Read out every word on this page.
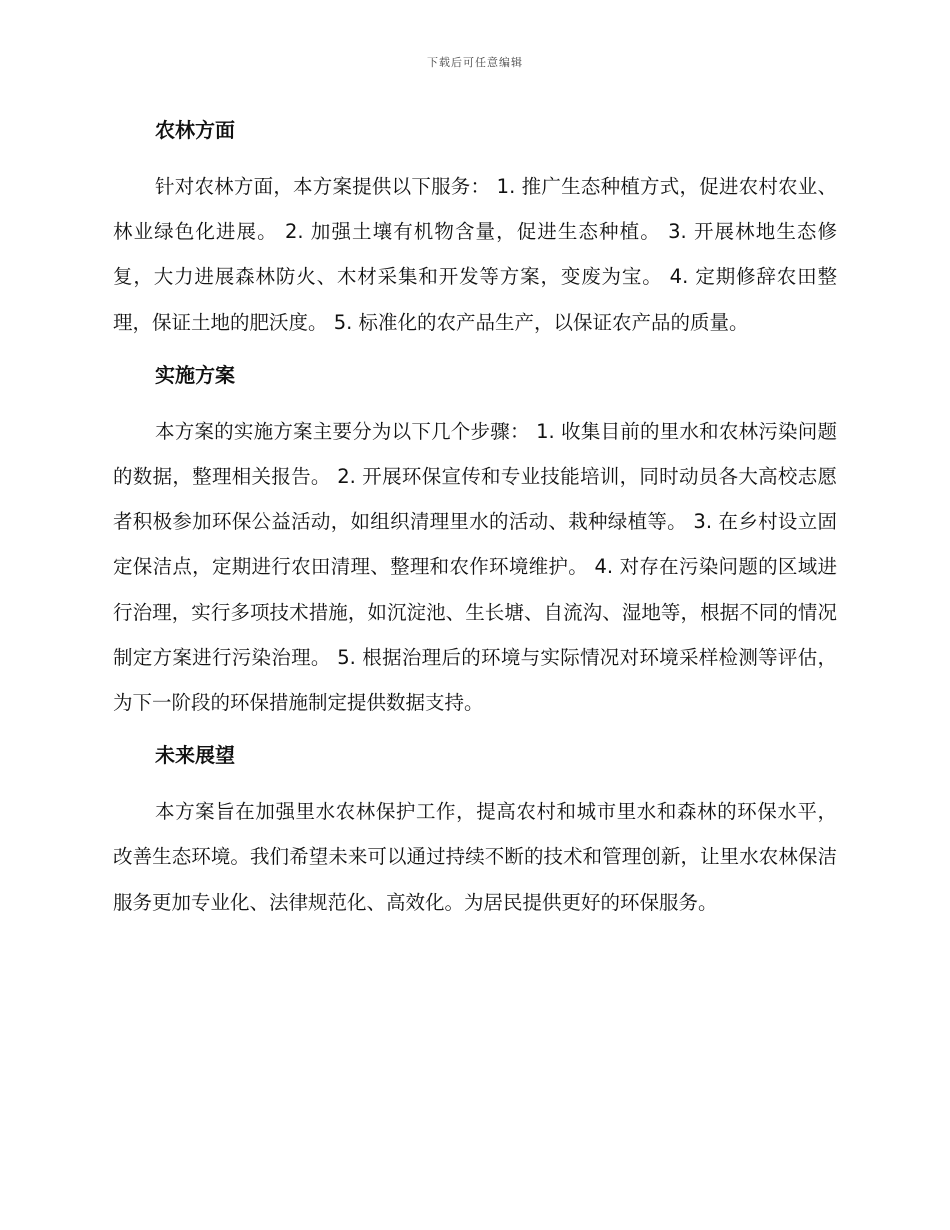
下载后可任意编辑
农林方面

针对农林方面，本方案提供以下服务： 1. 推广生态种植方式，促进农村农业、林业绿色化进展。 2. 加强土壤有机物含量，促进生态种植。 3. 开展林地生态修复，大力进展森林防火、木材采集和开发等方案，变废为宝。 4. 定期修辞农田整理，保证土地的肥沃度。 5. 标准化的农产品生产，以保证农产品的质量。

实施方案

本方案的实施方案主要分为以下几个步骤： 1. 收集目前的里水和农林污染问题的数据，整理相关报告。 2. 开展环保宣传和专业技能培训，同时动员各大高校志愿者积极参加环保公益活动，如组织清理里水的活动、栽种绿植等。 3. 在乡村设立固定保洁点，定期进行农田清理、整理和农作环境维护。 4. 对存在污染问题的区域进行治理，实行多项技术措施，如沉淀池、生长塘、自流沟、湿地等，根据不同的情况制定方案进行污染治理。 5. 根据治理后的环境与实际情况对环境采样检测等评估，为下一阶段的环保措施制定提供数据支持。

未来展望

本方案旨在加强里水农林保护工作，提高农村和城市里水和森林的环保水平，改善生态环境。我们希望未来可以通过持续不断的技术和管理创新，让里水农林保洁服务更加专业化、法律规范化、高效化。为居民提供更好的环保服务。
